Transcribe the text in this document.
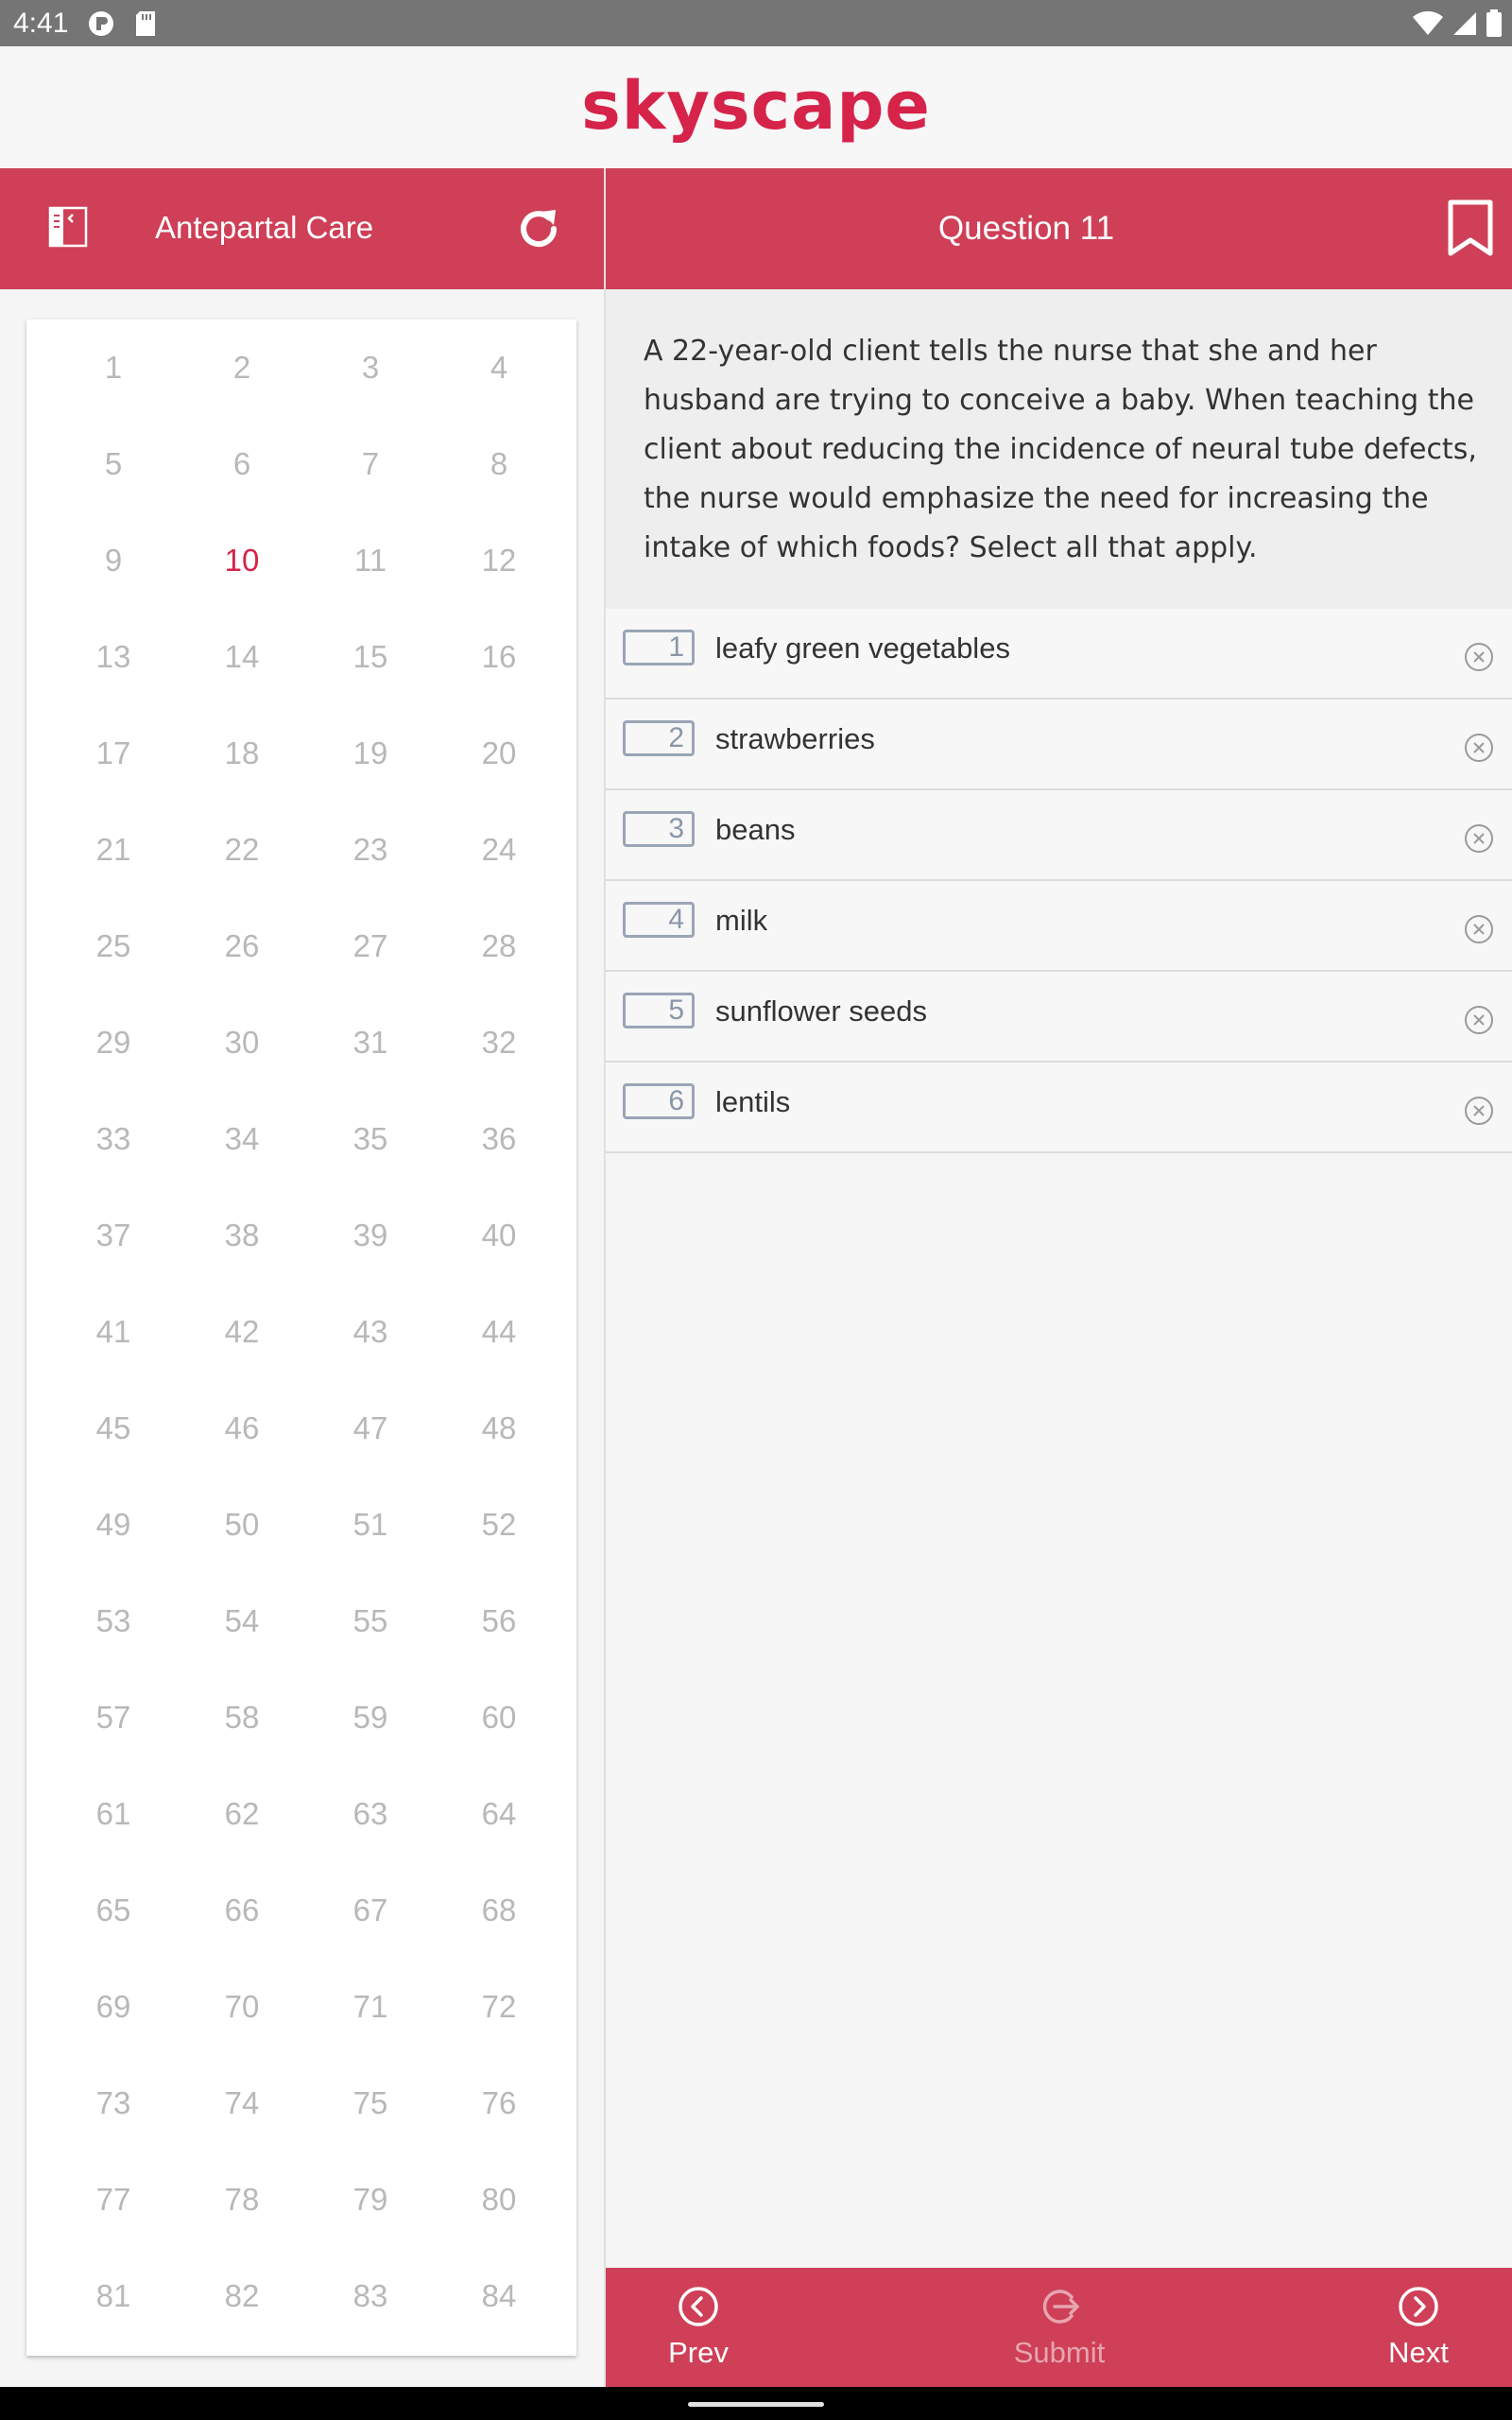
4:41
skyscape
Antepartal Care	Question 11
1	2	3	4
5	6	7	8
9	10	11	12
13	14	15	16
17	18	19	20
21	22	23	24
25	26	27	28
29	30	31	32
33	34	35	36
37	38	39	40
41	42	43	44
45	46	47	48
49	50	51	52
53	54	55	56
57	58	59	60
61	62	63	64
65	66	67	68
69	70	71	72
73	74	75	76
77	78	79	80
81	82	83	84

A 22-year-old client tells the nurse that she and her husband are trying to conceive a baby. When teaching the client about reducing the incidence of neural tube defects, the nurse would emphasize the need for increasing the intake of which foods? Select all that apply.

1	leafy green vegetables
2	strawberries
3	beans
4	milk
5	sunflower seeds
6	lentils
Prev	Submit	Next
